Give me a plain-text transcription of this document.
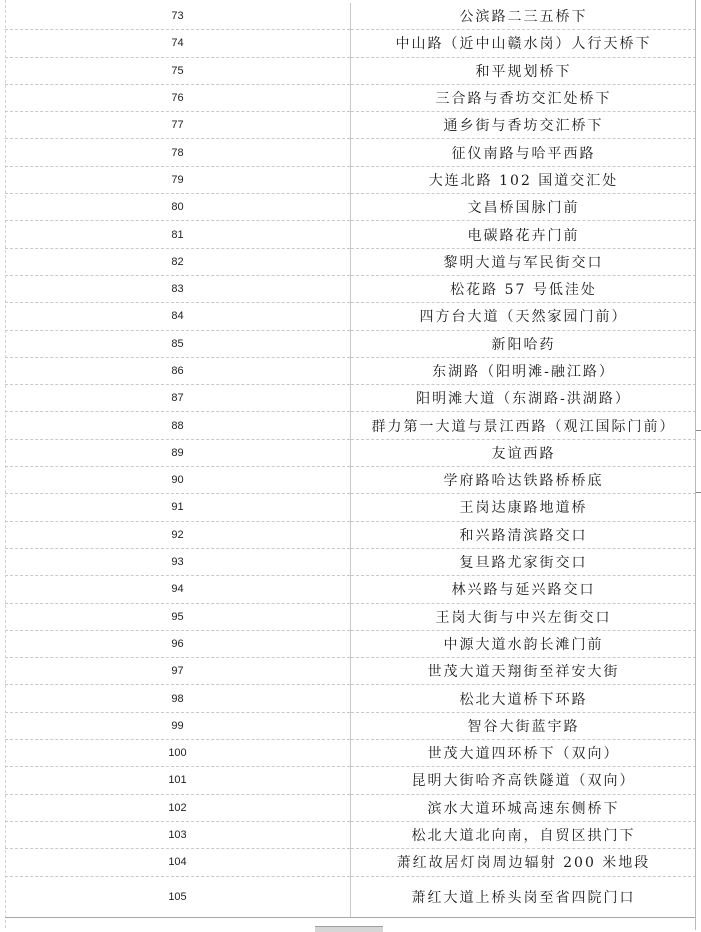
73	公滨路二三五桥下
74	中山路（近中山赣水岗）人行天桥下
75	和平规划桥下
76	三合路与香坊交汇处桥下
77	通乡街与香坊交汇桥下
78	征仪南路与哈平西路
79	大连北路 102 国道交汇处
80	文昌桥国脉门前
81	电碳路花卉门前
82	黎明大道与军民街交口
83	松花路 57 号低洼处
84	四方台大道（天然家园门前）
85	新阳哈药
86	东湖路（阳明滩-融江路）
87	阳明滩大道（东湖路-洪湖路）
88	群力第一大道与景江西路（观江国际门前）
89	友谊西路
90	学府路哈达铁路桥桥底
91	王岗达康路地道桥
92	和兴路清滨路交口
93	复旦路尤家街交口
94	林兴路与延兴路交口
95	王岗大街与中兴左街交口
96	中源大道水韵长滩门前
97	世茂大道天翔街至祥安大街
98	松北大道桥下环路
99	智谷大街蓝宇路
100	世茂大道四环桥下（双向）
101	昆明大街哈齐高铁隧道（双向）
102	滨水大道环城高速东侧桥下
103	松北大道北向南，自贸区拱门下
104	萧红故居灯岗周边辐射 200 米地段
105	萧红大道上桥头岗至省四院门口
